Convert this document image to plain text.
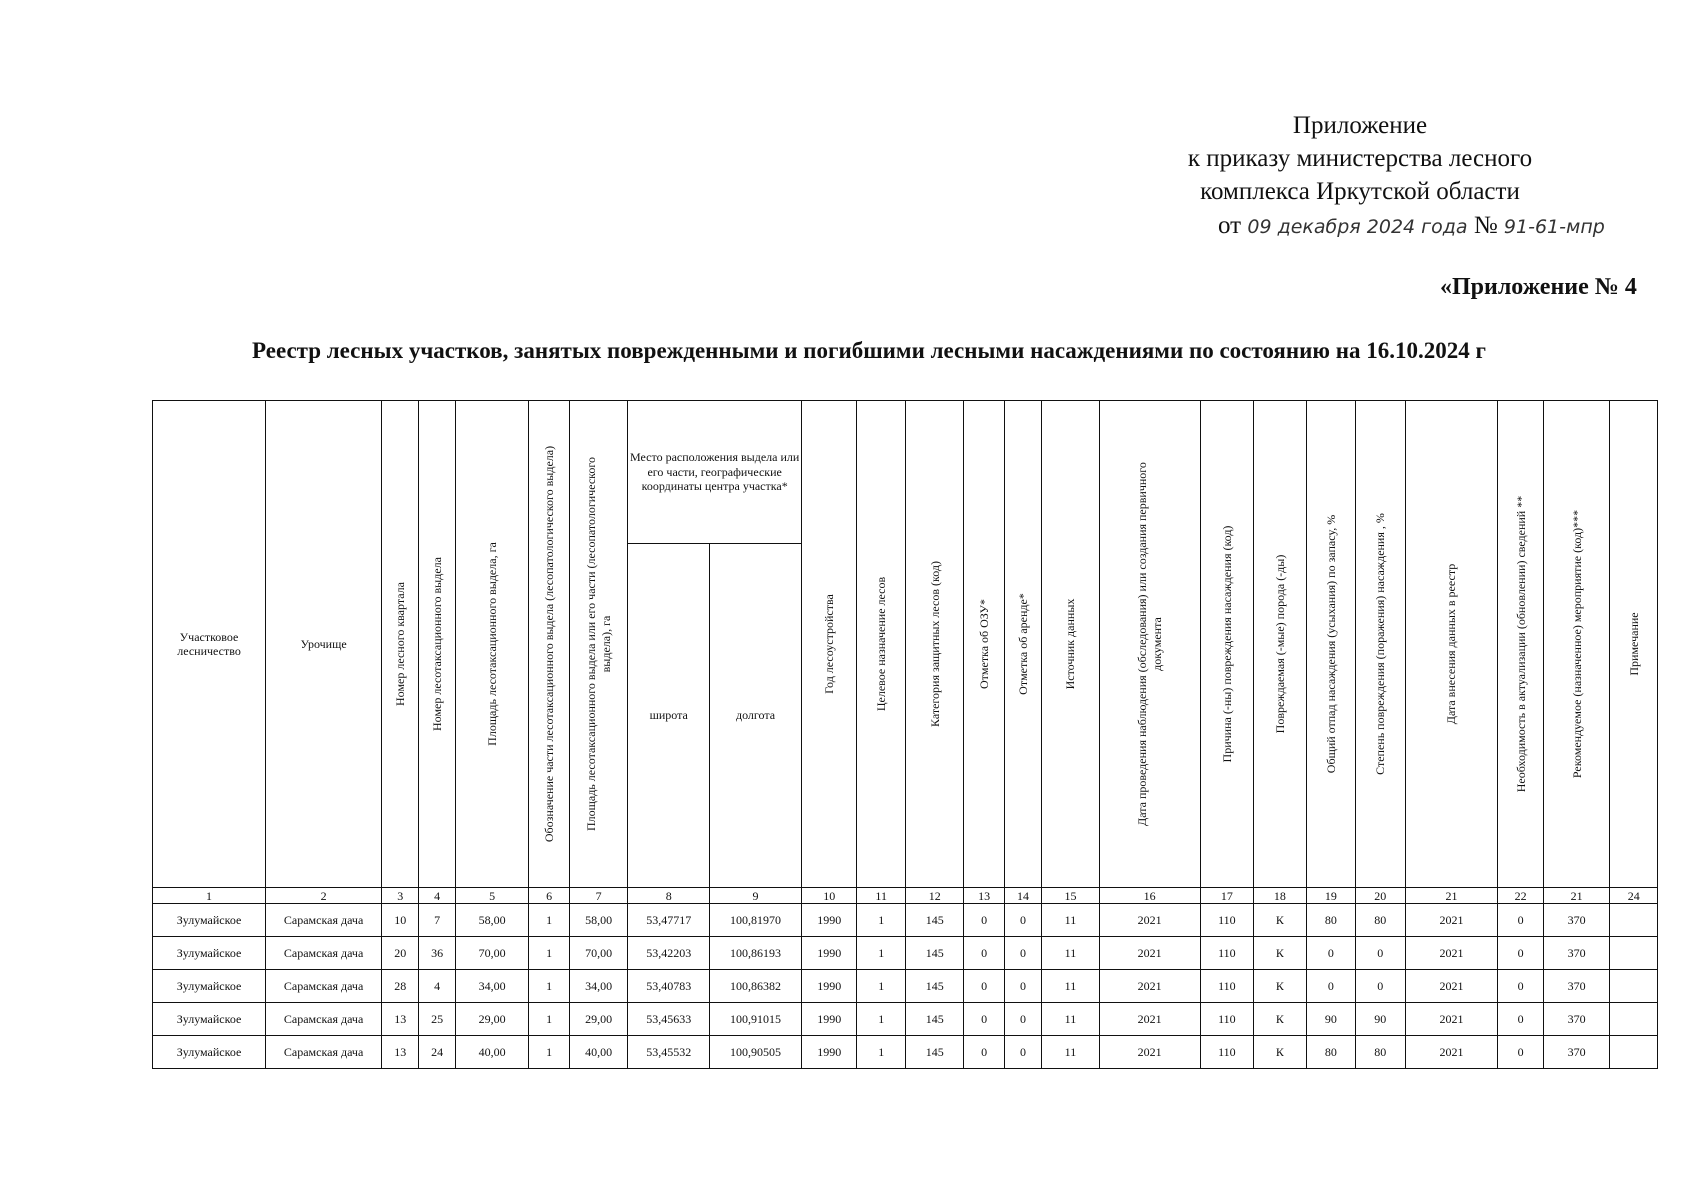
Приложение
к приказу министерства лесного
комплекса Иркутской области
от 09 декабря 2024 года № 91-61-мпр
«Приложение № 4
Реестр лесных участков, занятых поврежденными и погибшими лесными насаждениями по состоянию на 16.10.2024 г
Участковое лесничество	Урочище	Номер лесного квартала	Номер лесотаксационного выдела	Площадь лесотаксационного выдела, га	Обозначение части лесотаксационного выдела (лесопатологического выдела)	Площадь лесотаксационного выдела или его части (лесопатологического выдела), га	Место расположения выдела или его части, географические координаты центра участка*		Год лесоустройства	Целевое назначение лесов	Категория защитных лесов (код)	Отметка об ОЗУ*	Отметка об аренде*	Источник данных	Дата проведения наблюдения (обследования) или создания первичного документа	Причина (-ны) повреждения насаждения (код)	Повреждаемая (-мые) порода (-ды)	Общий отпад насаждения (усыхания) по запасу, %	Степень повреждения (поражения) насаждения , %	Дата внесения данных в реестр	Необходимость в актуализации (обновлении) сведений **	Рекомендуемое (назначенное) мероприятие (код)***	Примечание

							широта	долгота															
1	2	3	4	5	6	7	8	9	10	11	12	13	14	15	16	17	18	19	20	21	22	21	24
Зулумайское	Сарамская дача	10	7	58,00	1	58,00	53,47717	100,81970	1990	1	145	0	0	11	2021	110	К	80	80	2021	0	370	
Зулумайское	Сарамская дача	20	36	70,00	1	70,00	53,42203	100,86193	1990	1	145	0	0	11	2021	110	К	0	0	2021	0	370	
Зулумайское	Сарамская дача	28	4	34,00	1	34,00	53,40783	100,86382	1990	1	145	0	0	11	2021	110	К	0	0	2021	0	370	
Зулумайское	Сарамская дача	13	25	29,00	1	29,00	53,45633	100,91015	1990	1	145	0	0	11	2021	110	К	90	90	2021	0	370	
Зулумайское	Сарамская дача	13	24	40,00	1	40,00	53,45532	100,90505	1990	1	145	0	0	11	2021	110	К	80	80	2021	0	370	
